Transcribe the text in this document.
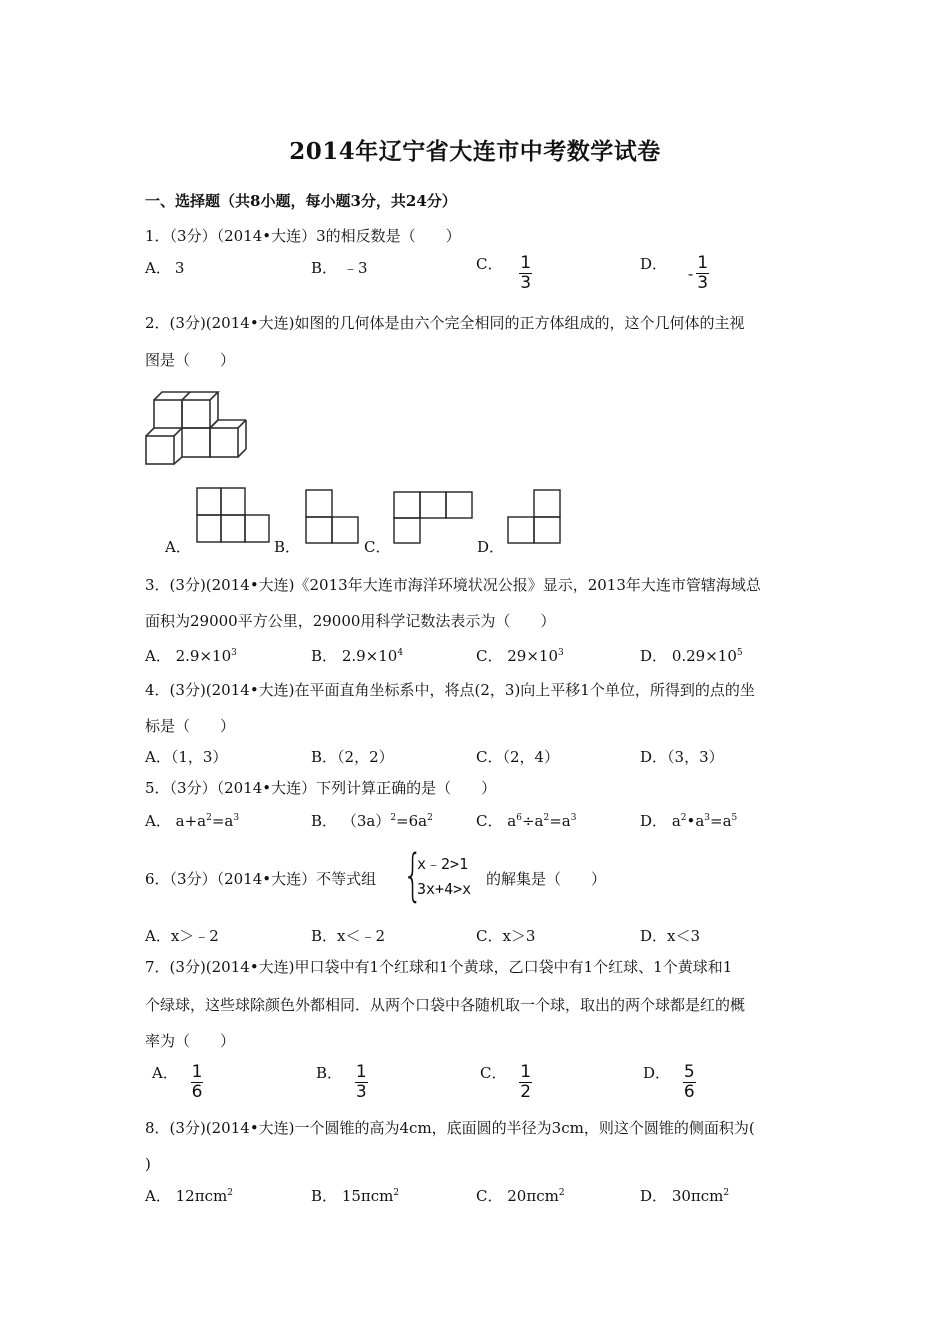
2014年辽宁省大连市中考数学试卷
一、选择题（共8小题，每小题3分，共24分）
1．（3分）（2014•大连）3的相反数是（　　）
A． 3	B． ﹣3	C． $\frac{1}{3}$	D． - $\frac{1}{3}$
2．(3分)(2014•大连)如图的几何体是由六个完全相同的正方体组成的，这个几何体的主视
图是（　　）
A．	B．	C．	D．
3．(3分)(2014•大连)《2013年大连市海洋环境状况公报》显示，2013年大连市管辖海域总
面积为29000平方公里，29000用科学记数法表示为（　　）
A． $2.9\times 10^3$	B． $2.9\times 10^4$	C． $29\times 10^3$	D． $0.29\times 10^5$
4．(3分)(2014•大连)在平面直角坐标系中，将点(2，3)向上平移1个单位，所得到的点的坐
标是（　　）
A．（1，3）	B．（2，2）	C．（2，4）	D．（3，3）
5．（3分）（2014•大连）下列计算正确的是（　　）
A． $a+a^2=a^3$	B． $(3a)^2=6a^2$	C． $a^6\div a^2=a^3$	D． $a^2•a^3=a^5$
6．（3分）（2014•大连）不等式组 {
x﹣2>1
3x+4>x
的解集是（　　）
A．x＞﹣2	B．x＜﹣2	C．x＞3	D．x＜3
7．(3分)(2014•大连)甲口袋中有1个红球和1个黄球，乙口袋中有1个红球、1个黄球和1
个绿球，这些球除颜色外都相同．从两个口袋中各随机取一个球，取出的两个球都是红的概
率为（　　）
A． $\frac{1}{6}$	B． $\frac{1}{3}$	C． $\frac{1}{2}$	D． $\frac{5}{6}$
8．(3分)(2014•大连)一个圆锥的高为4cm，底面圆的半径为3cm，则这个圆锥的侧面积为(
)
A． 12πcm$^2$	B． 15πcm$^2$	C． 20πcm$^2$	D． 30πcm$^2$
